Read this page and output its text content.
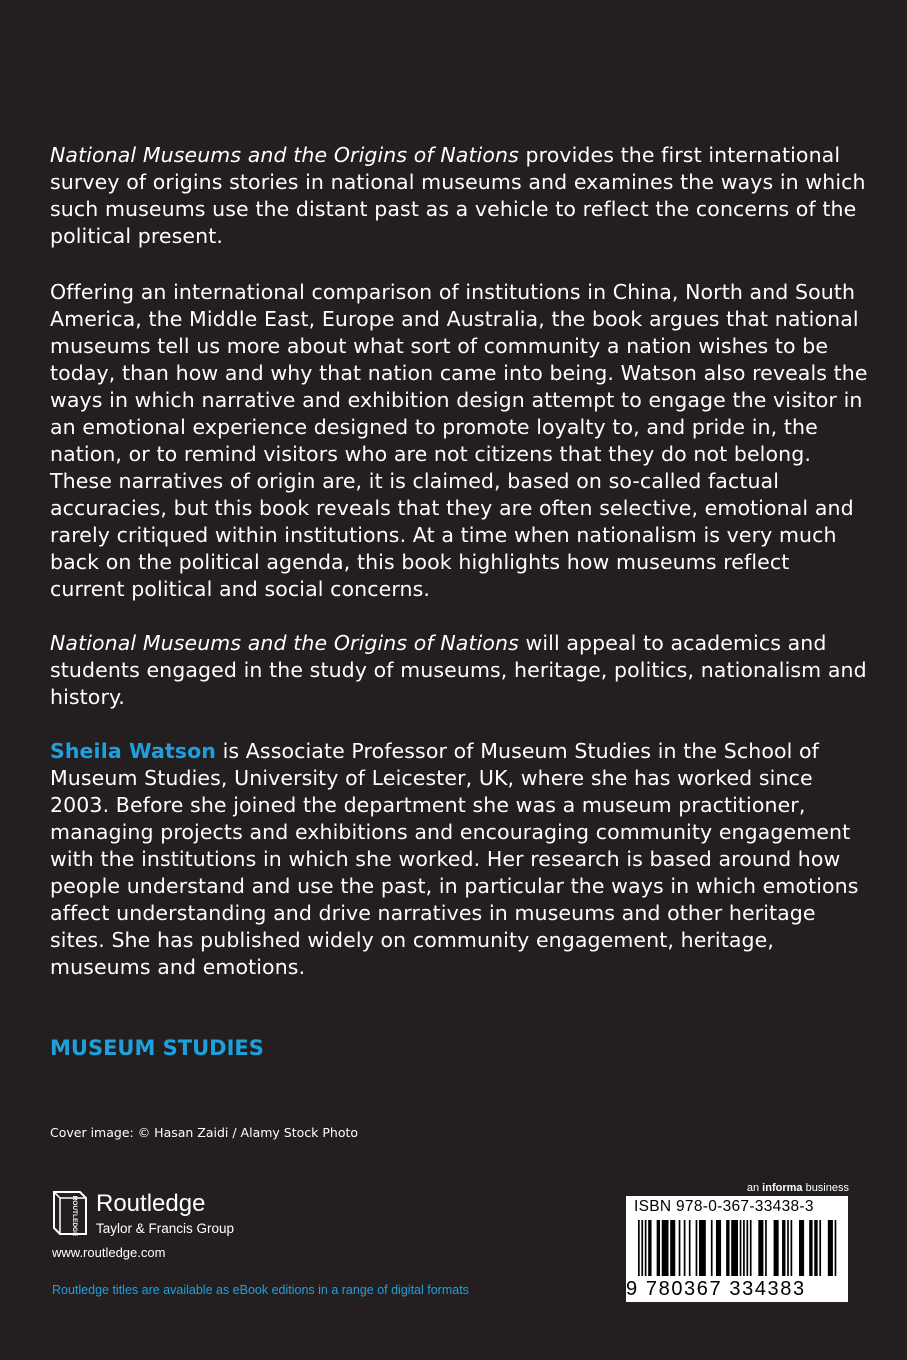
National Museums and the Origins of Nations provides the first international survey of origins stories in national museums and examines the ways in which such museums use the distant past as a vehicle to reflect the concerns of the political present.

Offering an international comparison of institutions in China, North and South America, the Middle East, Europe and Australia, the book argues that national museums tell us more about what sort of community a nation wishes to be today, than how and why that nation came into being. Watson also reveals the ways in which narrative and exhibition design attempt to engage the visitor in an emotional experience designed to promote loyalty to, and pride in, the nation, or to remind visitors who are not citizens that they do not belong. These narratives of origin are, it is claimed, based on so-called factual accuracies, but this book reveals that they are often selective, emotional and rarely critiqued within institutions. At a time when nationalism is very much back on the political agenda, this book highlights how museums reflect current political and social concerns.

National Museums and the Origins of Nations will appeal to academics and students engaged in the study of museums, heritage, politics, nationalism and history.

Sheila Watson is Associate Professor of Museum Studies in the School of Museum Studies, University of Leicester, UK, where she has worked since 2003. Before she joined the department she was a museum practitioner, managing projects and exhibitions and encouraging community engagement with the institutions in which she worked. Her research is based around how people understand and use the past, in particular the ways in which emotions affect understanding and drive narratives in museums and other heritage sites. She has published widely on community engagement, heritage, museums and emotions.

MUSEUM STUDIES

Cover image: © Hasan Zaidi / Alamy Stock Photo

ROUTLEDGE Routledge

Taylor & Francis Group

www.routledge.com

Routledge titles are available as eBook editions in a range of digital formats

an informa business

ISBN 978-0-367-33438-3

9 780367 334383
